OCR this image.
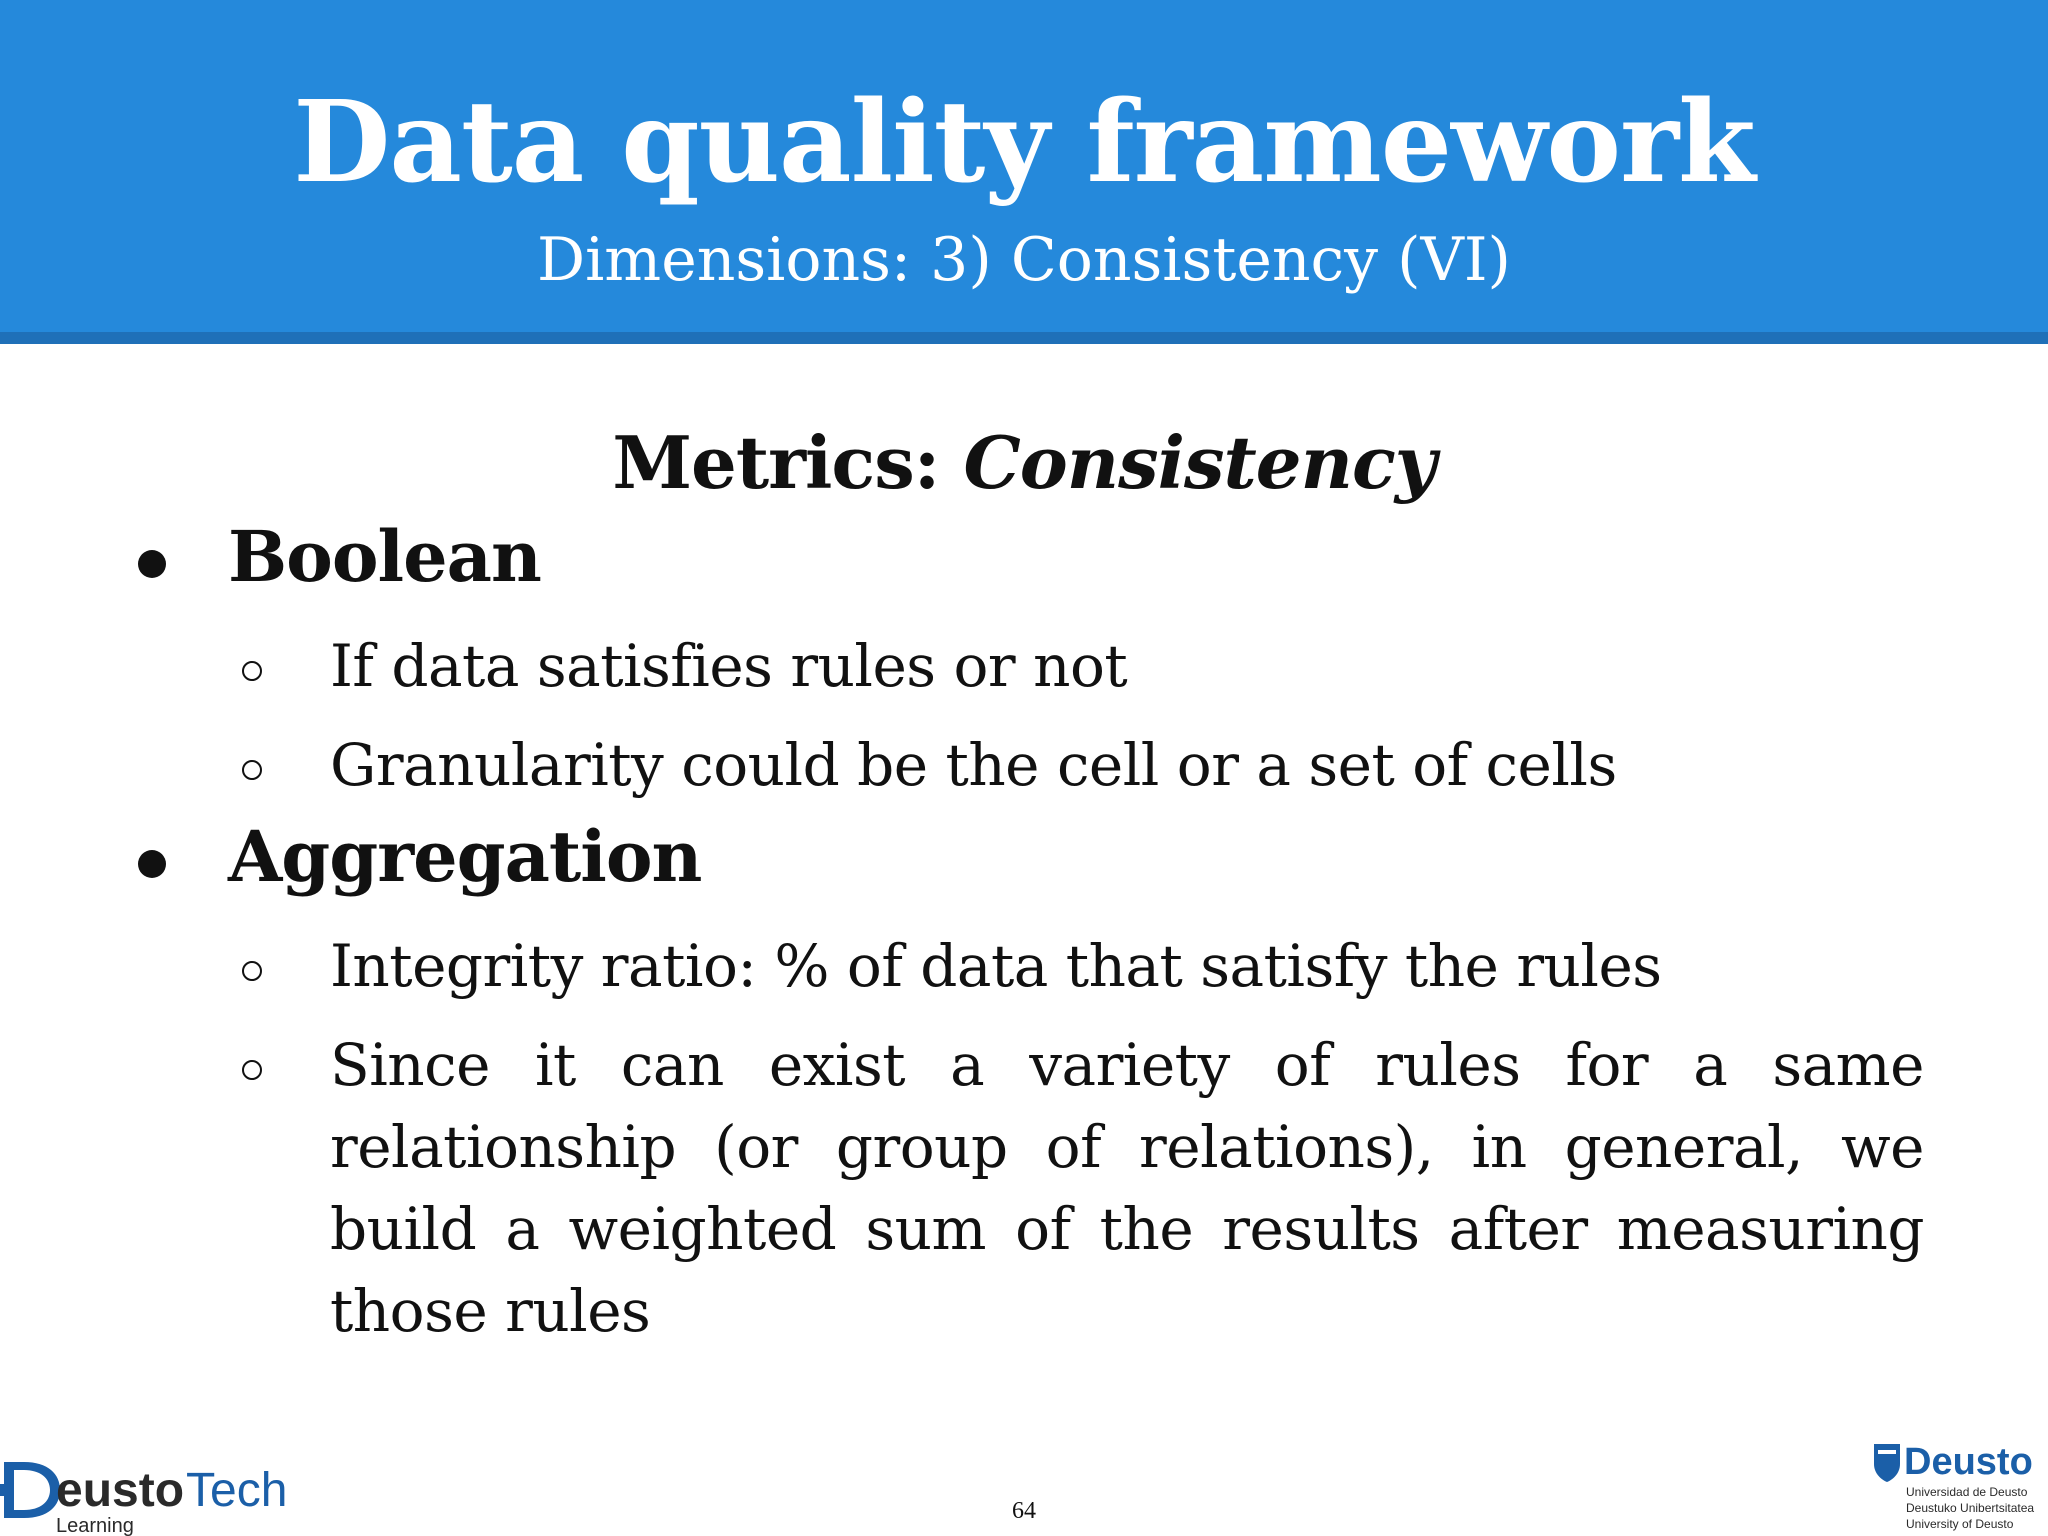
Data quality framework
Dimensions: 3) Consistency (VI)
Metrics: Consistency
Boolean
If data satisfies rules or not
Granularity could be the cell or a set of cells
Aggregation
Integrity ratio: % of data that satisfy the rules
Since it can exist a variety of rules for a same relationship (or group of relations), in general, we build a weighted sum of the results after measuring those rules
64
eusto Tech
Learning
Deusto
Universidad de Deusto
Deustuko Unibertsitatea
University of Deusto
